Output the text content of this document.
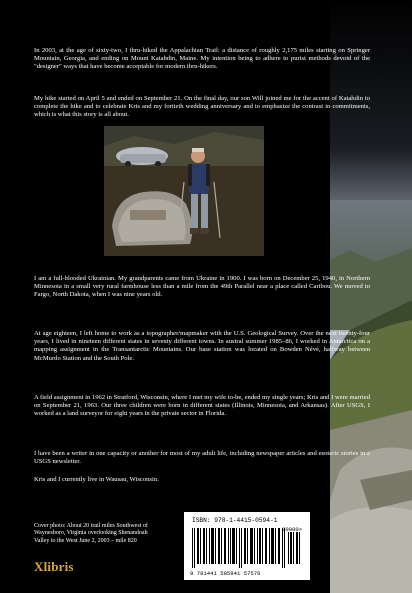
In 2003, at the age of sixty-two, I thru-hiked the Appalachian Trail: a distance of roughly 2,175 miles starting on Springer Mountain, Georgia, and ending on Mount Katahdin, Maine. My intention being to adhere to purist methods devoid of the "designer" ways that have become acceptable for modern thru-hikers.

My hike started on April 5 and ended on September 21. On the final day, our son Will joined me for the accent of Katahdin to complete the hike and to celebrate Kris and my fortieth wedding anniversary and to emphasize the contrast in commitments, which is what this story is all about.

I am a full-blooded Ukrainian. My grandparents came from Ukraine in 1900. I was born on December 25, 1940, in Northern Minnesota in a small very rural farmhouse less than a mile from the 49th Parallel near a place called Caribou. We moved to Fargo, North Dakota, when I was nine years old.

At age eighteen, I left home to work as a topographer/mapmaker with the U.S. Geological Survey. Over the next twenty-four years, I lived in nineteen different states in seventy different towns. In austral summer 1985–86, I worked in Antarctica on a mapping assignment in the Transantarctic Mountains. Our base station was located on Bowden Névé, halfway between McMurdo Station and the South Pole.

A field assignment in 1962 in Stratford, Wisconsin, where I met my wife to-be, ended my single years; Kris and I were married on September 21, 1963. Our three children were born in different states (Illinois, Minnesota, and Arkansas). After USGS, I worked as a land surveyor for eight years in the private sector in Florida.

I have been a writer in one capacity or another for most of my adult life, including newspaper articles and esoteric stories in a USGS newsletter.

Kris and I currently live in Wausau, Wisconsin.

Cover photo: About 20 trail miles Southwest of Waynesboro, Virginia overlooking Shenandoah Valley to the West June 2, 2003 – mile 820
Xlibris
ISBN: 978-1-4415-0594-1
9 781441 505941 57576
90000>
